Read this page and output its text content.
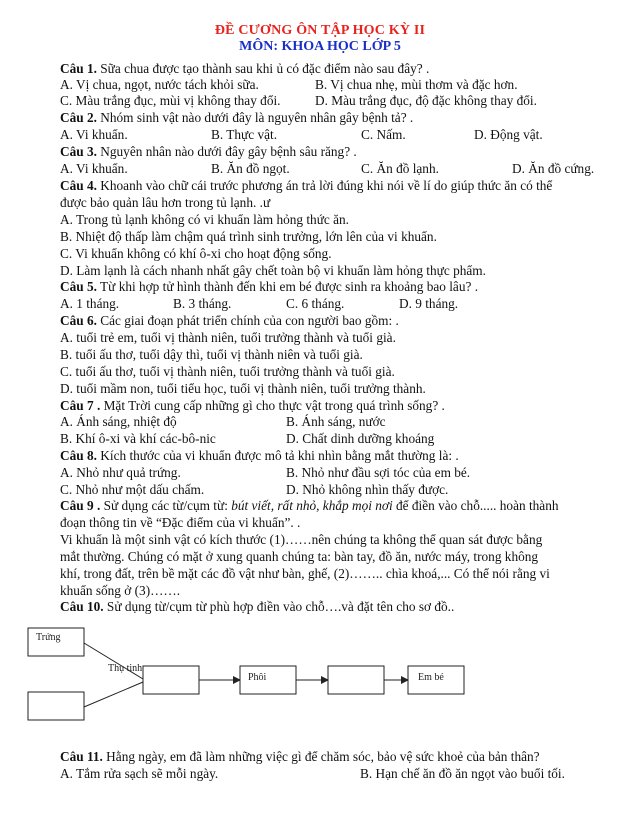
ĐỀ CƯƠNG ÔN TẬP HỌC KỲ II
MÔN: KHOA HỌC LỚP 5
Câu 1. Sữa chua được tạo thành sau khi ủ có đặc điểm nào sau đây? .
A. Vị chua, ngọt, nước tách khỏi sữa.	B. Vị chua nhẹ, mùi thơm và đặc hơn.
C. Màu trắng đục, mùi vị không thay đổi.	D. Màu trắng đục, độ đặc không thay đổi.
Câu 2. Nhóm sinh vật nào dưới đây là nguyên nhân gây bệnh tả? .
A. Vi khuẩn.	B. Thực vật.	C. Nấm.	D. Động vật.
Câu 3. Nguyên nhân nào dưới đây gây bệnh sâu răng? .
A. Vi khuẩn.	B. Ăn đồ ngọt.	C. Ăn đồ lạnh.	D. Ăn đồ cứng.
Câu 4. Khoanh vào chữ cái trước phương án trả lời đúng khi nói về lí do giúp thức ăn có thể
được bảo quản lâu hơn trong tủ lạnh. .ư
A. Trong tủ lạnh không có vi khuẩn làm hỏng thức ăn.
B. Nhiệt độ thấp làm chậm quá trình sinh trưởng, lớn lên của vi khuẩn.
C. Vi khuẩn không có khí ô-xi cho hoạt động sống.
D. Làm lạnh là cách nhanh nhất gây chết toàn bộ vi khuẩn làm hỏng thực phẩm.
Câu 5. Từ khi hợp tử hình thành đến khi em bé được sinh ra khoảng bao lâu? .
A. 1 tháng.	B. 3 tháng.	C. 6 tháng.	D. 9 tháng.
Câu 6. Các giai đoạn phát triển chính của con người bao gồm: .
A. tuổi trẻ em, tuổi vị thành niên, tuổi trưởng thành và tuổi già.
B. tuổi ấu thơ, tuổi dậy thì, tuổi vị thành niên và tuổi già.
C. tuổi ấu thơ, tuổi vị thành niên, tuổi trưởng thành và tuổi già.
D. tuổi mầm non, tuổi tiểu học, tuổi vị thành niên, tuổi trưởng thành.
Câu 7 . Mặt Trời cung cấp những gì cho thực vật trong quá trình sống? .
A. Ánh sáng, nhiệt độ	B. Ánh sáng, nước
B. Khí ô-xi và khí các-bô-nic	D. Chất dinh dưỡng khoáng
Câu 8. Kích thước của vi khuẩn được mô tả khi nhìn bằng mắt thường là: .
A. Nhỏ như quả trứng.	B. Nhỏ như đầu sợi tóc của em bé.
C. Nhỏ như một dấu chấm.	D. Nhỏ không nhìn thấy được.
Câu 9 . Sử dụng các từ/cụm từ: bút viết, rất nhỏ, khắp mọi nơi để điền vào chỗ..... hoàn thành
đoạn thông tin về “Đặc điểm của vi khuẩn”. .
Vi khuẩn là một sinh vật có kích thước (1)……nên chúng ta không thể quan sát được bằng
mắt thường. Chúng có mặt ở xung quanh chúng ta: bàn tay, đồ ăn, nước máy, trong không
khí, trong đất, trên bề mặt các đồ vật như bàn, ghế, (2)…….. chìa khoá,... Có thể nói rằng vi
khuẩn sống ở (3)…….
Câu 10. Sử dụng từ/cụm từ phù hợp điền vào chỗ….và đặt tên cho sơ đồ..
Trứng
Thụ tinh
Phôi	Em bé
Câu 11. Hằng ngày, em đã làm những việc gì để chăm sóc, bảo vệ sức khoẻ của bản thân?
A. Tắm rửa sạch sẽ mỗi ngày.	B. Hạn chế ăn đồ ăn ngọt vào buổi tối.
